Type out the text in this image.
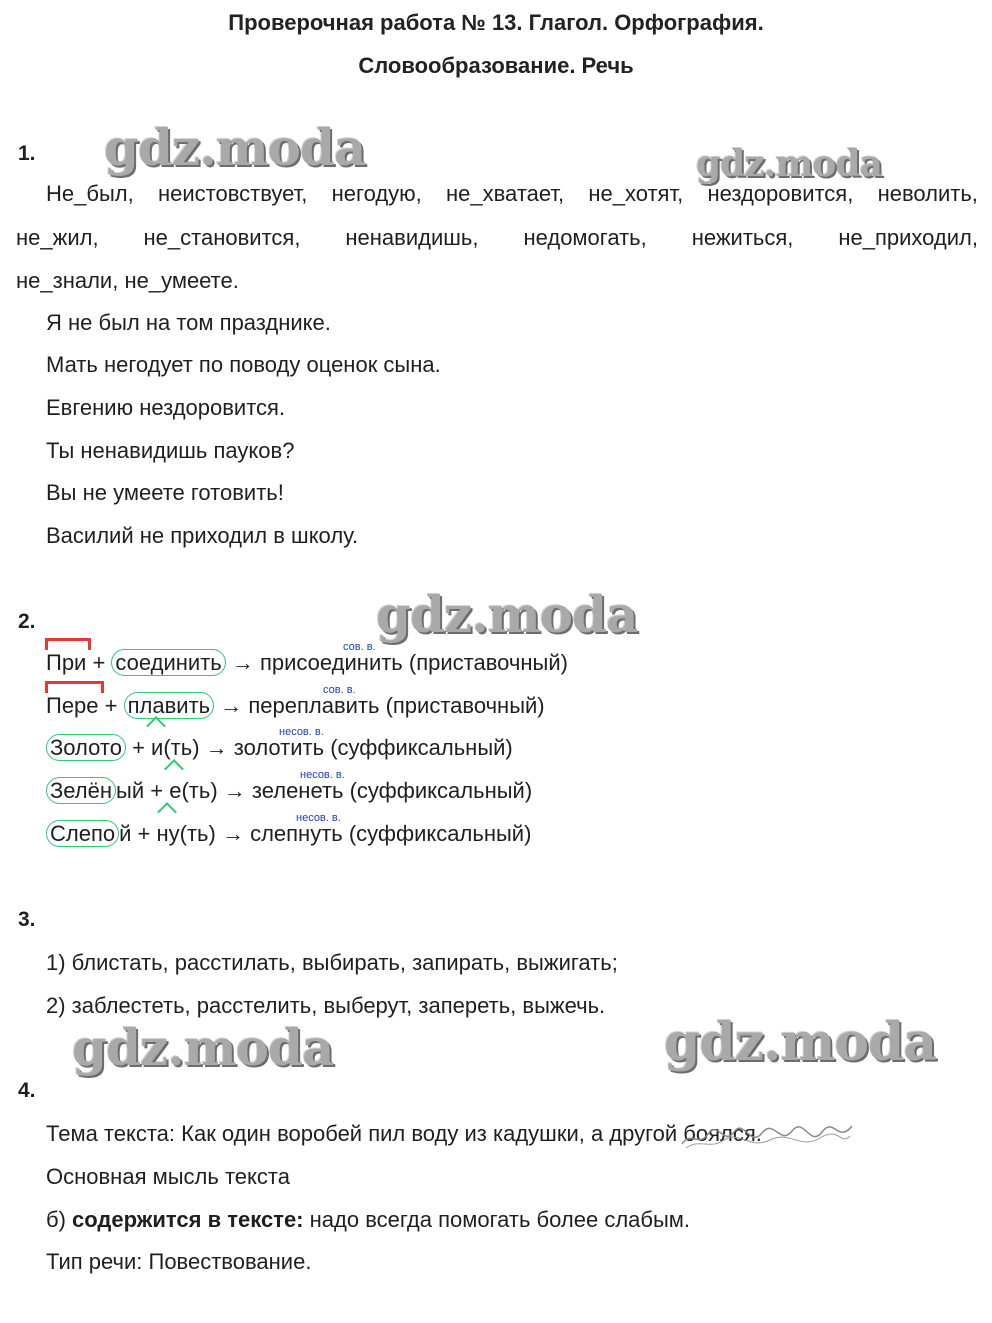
Проверочная работа № 13. Глагол. Орфография.
Словообразование. Речь
gdz.moda	gdz.moda
gdz.moda
gdz.moda	gdz.moda
1.
Не_был, неистовствует, негодую, не_хватает, не_хотят, нездоровится, неволить,
не_жил, не_становится, ненавидишь, недомогать, нежиться, не_приходил,
не_знали, не_умеете.
Я не был на том празднике.
Мать негодует по поводу оценок сына.
Евгению нездоровится.
Ты ненавидишь пауков?
Вы не умеете готовить!
Василий не приходил в школу.
2.
сов. в.
При + соединить → присоединить (приставочный)
сов. в.
Пере + плавить → переплавить (приставочный)
несов. в.
Золото +
и(ть) → золотить (суффиксальный)
несов. в.
Зелён ый +
е(ть) → зеленеть (суффиксальный)
несов. в.
Слепо й +
ну(ть) → слепнуть (суффиксальный)
3.
1) блистать, расстилать, выбирать, запирать, выжигать;
2) заблестеть, расстелить, выберут, запереть, выжечь.
4.
Тема текста: Как один воробей пил воду из кадушки, а другой боялся.
Основная мысль текста
б) содержится в тексте: надо всегда помогать более слабым.
Тип речи: Повествование.
